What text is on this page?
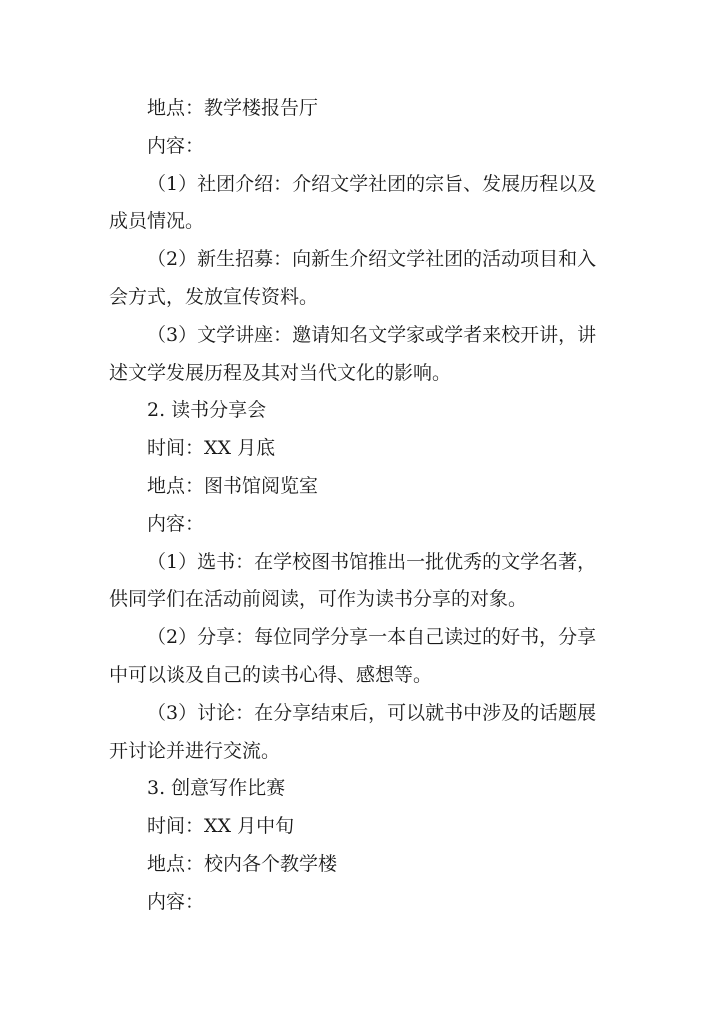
地点：教学楼报告厅
内容：
（1）社团介绍：介绍文学社团的宗旨、发展历程以及
成员情况。
（2）新生招募：向新生介绍文学社团的活动项目和入
会方式，发放宣传资料。
（3）文学讲座：邀请知名文学家或学者来校开讲，讲
述文学发展历程及其对当代文化的影响。
2. 读书分享会
时间：XX 月底
地点：图书馆阅览室
内容：
（1）选书：在学校图书馆推出一批优秀的文学名著，
供同学们在活动前阅读，可作为读书分享的对象。
（2）分享：每位同学分享一本自己读过的好书，分享
中可以谈及自己的读书心得、感想等。
（3）讨论：在分享结束后，可以就书中涉及的话题展
开讨论并进行交流。
3. 创意写作比赛
时间：XX 月中旬
地点：校内各个教学楼
内容：
